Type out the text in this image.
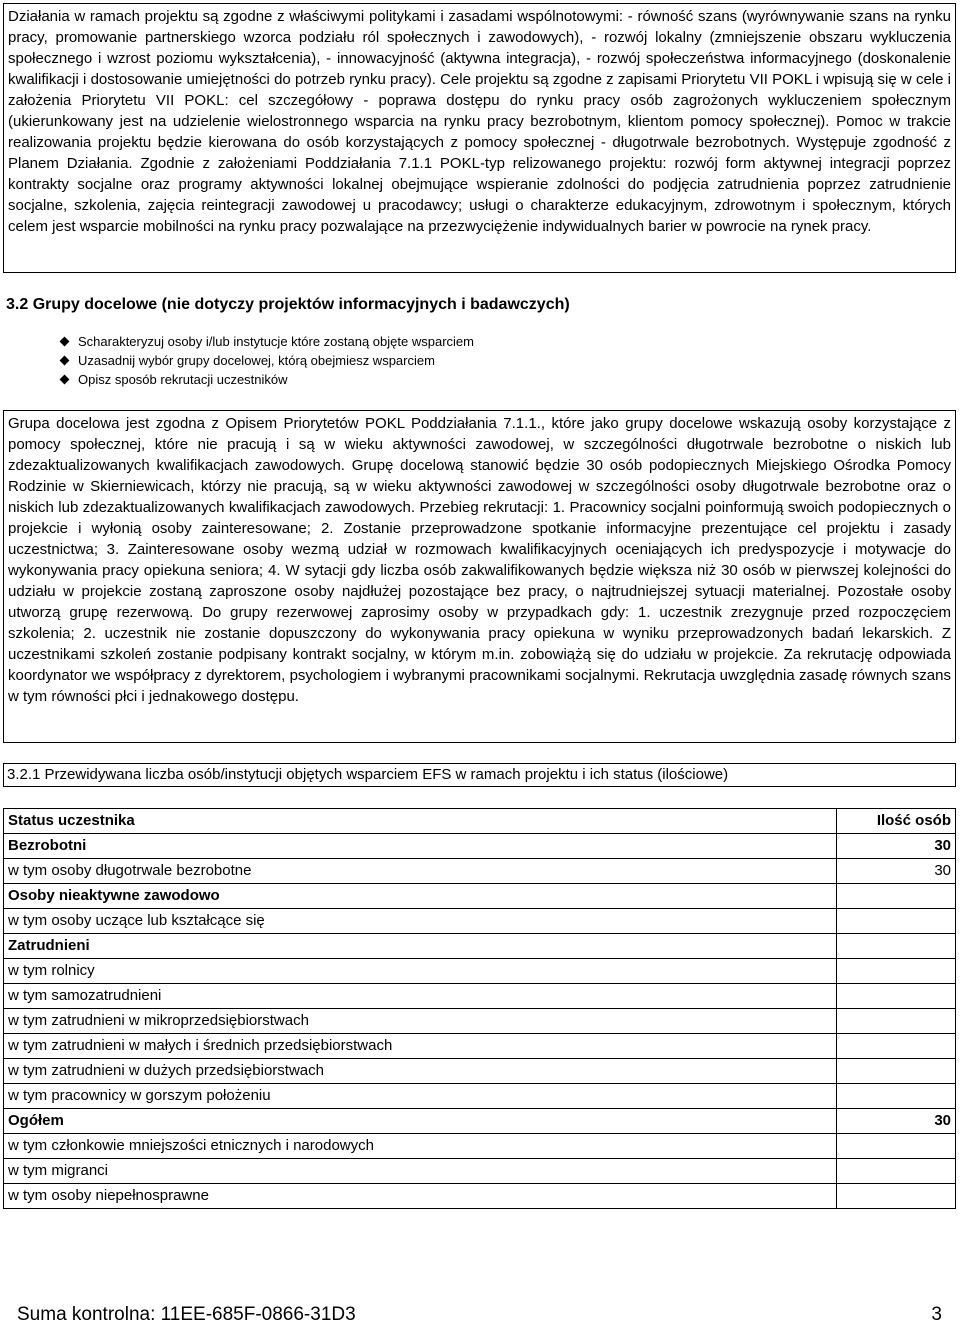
Działania w ramach projektu są zgodne z właściwymi politykami i zasadami wspólnotowymi: - równość szans (wyrównywanie szans na rynku pracy, promowanie partnerskiego wzorca podziału ról społecznych i zawodowych), - rozwój lokalny (zmniejszenie obszaru wykluczenia społecznego i wzrost poziomu wykształcenia), - innowacyjność (aktywna integracja), - rozwój społeczeństwa informacyjnego (doskonalenie kwalifikacji i dostosowanie umiejętności do potrzeb rynku pracy). Cele projektu są zgodne z zapisami Priorytetu VII POKL i wpisują się w cele i założenia Priorytetu VII POKL: cel szczegółowy - poprawa dostępu do rynku pracy osób zagrożonych wykluczeniem społecznym (ukierunkowany jest na udzielenie wielostronnego wsparcia na rynku pracy bezrobotnym, klientom pomocy społecznej). Pomoc w trakcie realizowania projektu będzie kierowana do osób korzystających z pomocy społecznej - długotrwale bezrobotnych. Występuje zgodność z Planem Działania. Zgodnie z założeniami Poddziałania 7.1.1 POKL-typ relizowanego projektu: rozwój form aktywnej integracji poprzez kontrakty socjalne oraz programy aktywności lokalnej obejmujące wspieranie zdolności do podjęcia zatrudnienia poprzez zatrudnienie socjalne, szkolenia, zajęcia reintegracji zawodowej u pracodawcy; usługi o charakterze edukacyjnym, zdrowotnym i społecznym, których celem jest wsparcie mobilności na rynku pracy pozwalające na przezwyciężenie indywidualnych barier w powrocie na rynek pracy.

3.2 Grupy docelowe (nie dotyczy projektów informacyjnych i badawczych)
Scharakteryzuj osoby i/lub instytucje które zostaną objęte wsparciem
Uzasadnij wybór grupy docelowej, którą obejmiesz wsparciem
Opisz sposób rekrutacji uczestników

Grupa docelowa jest zgodna z Opisem Priorytetów POKL Poddziałania 7.1.1., które jako grupy docelowe wskazują osoby korzystające z pomocy społecznej, które nie pracują i są w wieku aktywności zawodowej, w szczególności długotrwale bezrobotne o niskich lub zdezaktualizowanych kwalifikacjach zawodowych. Grupę docelową stanowić będzie 30 osób podopiecznych Miejskiego Ośrodka Pomocy Rodzinie w Skierniewicach, którzy nie pracują, są w wieku aktywności zawodowej w szczególności osoby długotrwale bezrobotne oraz o niskich lub zdezaktualizowanych kwalifikacjach zawodowych. Przebieg rekrutacji: 1. Pracownicy socjalni poinformują swoich podopiecznych o projekcie i wyłonią osoby zainteresowane; 2. Zostanie przeprowadzone spotkanie informacyjne prezentujące cel projektu i zasady uczestnictwa; 3. Zainteresowane osoby wezmą udział w rozmowach kwalifikacyjnych oceniających ich predyspozycje i motywacje do wykonywania pracy opiekuna seniora; 4. W sytacji gdy liczba osób zakwalifikowanych będzie większa niż 30 osób w pierwszej kolejności do udziału w projekcie zostaną zaproszone osoby najdłużej pozostające bez pracy, o najtrudniejszej sytuacji materialnej. Pozostałe osoby utworzą grupę rezerwową. Do grupy rezerwowej zaprosimy osoby w przypadkach gdy: 1. uczestnik zrezygnuje przed rozpoczęciem szkolenia; 2. uczestnik nie zostanie dopuszczony do wykonywania pracy opiekuna w wyniku przeprowadzonych badań lekarskich. Z uczestnikami szkoleń zostanie podpisany kontrakt socjalny, w którym m.in. zobowiążą się do udziału w projekcie. Za rekrutację odpowiada koordynator we współpracy z dyrektorem, psychologiem i wybranymi pracownikami socjalnymi. Rekrutacja uwzględnia zasadę równych szans w tym równości płci i jednakowego dostępu.

3.2.1 Przewidywana liczba osób/instytucji objętych wsparciem EFS w ramach projektu i ich status (ilościowe)
Status uczestnika	Ilość osób
Bezrobotni	30
w tym osoby długotrwale bezrobotne	30
Osoby nieaktywne zawodowo	
w tym osoby uczące lub kształcące się	
Zatrudnieni	
w tym rolnicy	
w tym samozatrudnieni	
w tym zatrudnieni w mikroprzedsiębiorstwach	
w tym zatrudnieni w małych i średnich przedsiębiorstwach	
w tym zatrudnieni w dużych przedsiębiorstwach	
w tym pracownicy w gorszym położeniu	
Ogółem	30
w tym członkowie mniejszości etnicznych i narodowych	
w tym migranci	
w tym osoby niepełnosprawne	
Suma kontrolna: 11EE-685F-0866-31D3	3
